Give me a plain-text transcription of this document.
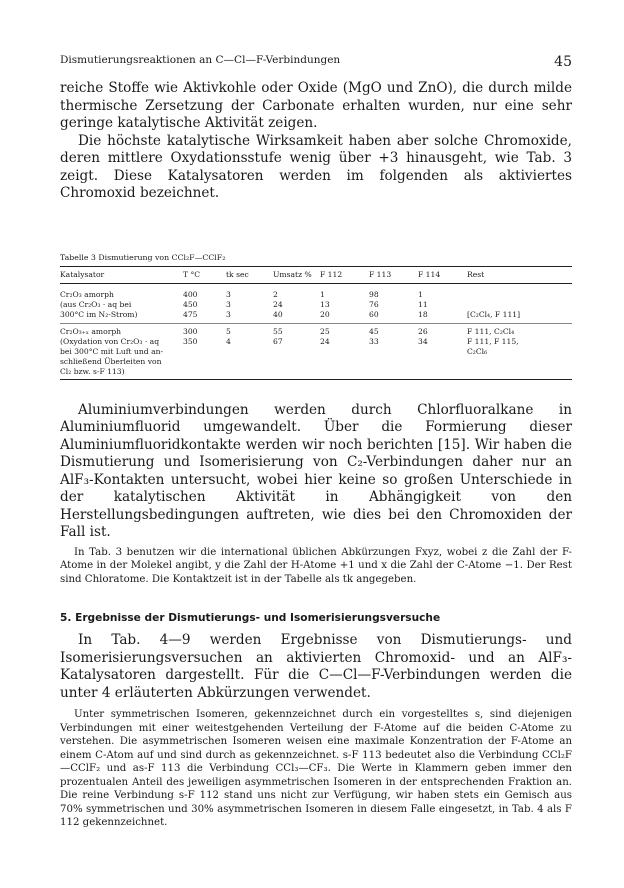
Dismutierungsreaktionen an C—Cl—F-Verbindungen	45

reiche Stoffe wie Aktivkohle oder Oxide (MgO und ZnO), die durch milde thermische Zersetzung der Carbonate erhalten wurden, nur eine sehr geringe katalytische Aktivität zeigen.

Die höchste katalytische Wirksamkeit haben aber solche Chromoxide, deren mittlere Oxydationsstufe wenig über +3 hinausgeht, wie Tab. 3 zeigt. Diese Katalysatoren werden im folgenden als aktiviertes Chromoxid bezeichnet.

Tabelle 3 Dismutierung von CCl₂F—CClF₂
Katalysator	T °C	tk sec	Umsatz %	F 112	F 113	F 114	Rest
Cr₂O₃ amorph	400	3	2	1	98	1	
(aus Cr₂O₃ · aq bei	450	3	24	13	76	11	
300°C im N₂-Strom)	475	3	40	20	60	18	[C₂Cl₄, F 111]
Cr₂O₃₊ₓ amorph	300	5	55	25	45	26	F 111, C₂Cl₄
(Oxydation von Cr₂O₃ · aq	350	4	67	24	33	34	F 111, F 115,
bei 300°C mit Luft und an-							C₂Cl₆
schließend Überleiten von							
Cl₂ bzw. s-F 113)							

Aluminiumverbindungen werden durch Chlorfluoralkane in Aluminiumfluorid umgewandelt. Über die Formierung dieser Aluminiumfluoridkontakte werden wir noch berichten [15]. Wir haben die Dismutierung und Isomerisierung von C₂-Verbindungen daher nur an AlF₃-Kontakten untersucht, wobei hier keine so großen Unterschiede in der katalytischen Aktivität in Abhängigkeit von den Herstellungsbedingungen auftreten, wie dies bei den Chromoxiden der Fall ist.

In Tab. 3 benutzen wir die international üblichen Abkürzungen Fxyz, wobei z die Zahl der F-Atome in der Molekel angibt, y die Zahl der H-Atome +1 und x die Zahl der C-Atome −1. Der Rest sind Chloratome. Die Kontaktzeit ist in der Tabelle als tk angegeben.

5. Ergebnisse der Dismutierungs- und Isomerisierungsversuche

In Tab. 4—9 werden Ergebnisse von Dismutierungs- und Isomerisierungsversuchen an aktivierten Chromoxid- und an AlF₃-Katalysatoren dargestellt. Für die C—Cl—F-Verbindungen werden die unter 4 erläuterten Abkürzungen verwendet.

Unter symmetrischen Isomeren, gekennzeichnet durch ein vorgestelltes s, sind diejenigen Verbindungen mit einer weitestgehenden Verteilung der F-Atome auf die beiden C-Atome zu verstehen. Die asymmetrischen Isomeren weisen eine maximale Konzentration der F-Atome an einem C-Atom auf und sind durch as gekennzeichnet. s-F 113 bedeutet also die Verbindung CCl₂F—CClF₂ und as-F 113 die Verbindung CCl₃—CF₃. Die Werte in Klammern geben immer den prozentualen Anteil des jeweiligen asymmetrischen Isomeren in der entsprechenden Fraktion an. Die reine Verbindung s-F 112 stand uns nicht zur Verfügung, wir haben stets ein Gemisch aus 70% symmetrischen und 30% asymmetrischen Isomeren in diesem Falle eingesetzt, in Tab. 4 als F 112 gekennzeichnet.
